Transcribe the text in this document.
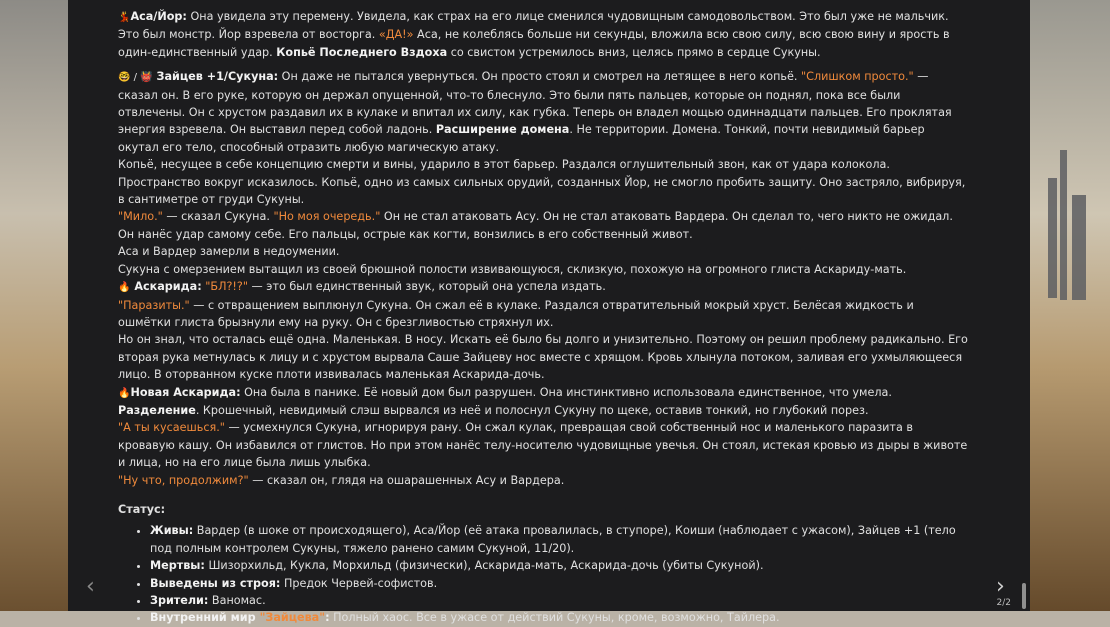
💃Аса/Йор: Она увидела эту перемену. Увидела, как страх на его лице сменился чудовищным самодовольством. Это был уже не мальчик. Это был монстр. Йор взревела от восторга. «ДА!» Аса, не колеблясь больше ни секунды, вложила всю свою силу, всю свою вину и ярость в один-единственный удар. Копьё Последнего Вздоха со свистом устремилось вниз, целясь прямо в сердце Сукуны.

🤓 / 👹 Зайцев +1/Сукуна: Он даже не пытался увернуться. Он просто стоял и смотрел на летящее в него копьё. "Слишком просто." — сказал он. В его руке, которую он держал опущенной, что-то блеснуло. Это были пять пальцев, которые он поднял, пока все были отвлечены. Он с хрустом раздавил их в кулаке и впитал их силу, как губка. Теперь он владел мощью одиннадцати пальцев. Его проклятая энергия взревела. Он выставил перед собой ладонь. Расширение домена. Не территории. Домена. Тонкий, почти невидимый барьер окутал его тело, способный отразить любую магическую атаку.

Копьё, несущее в себе концепцию смерти и вины, ударило в этот барьер. Раздался оглушительный звон, как от удара колокола. Пространство вокруг исказилось. Копьё, одно из самых сильных орудий, созданных Йор, не смогло пробить защиту. Оно застряло, вибрируя, в сантиметре от груди Сукуны.

"Мило." — сказал Сукуна. "Но моя очередь." Он не стал атаковать Асу. Он не стал атаковать Вардера. Он сделал то, чего никто не ожидал. Он нанёс удар самому себе. Его пальцы, острые как когти, вонзились в его собственный живот.

Аса и Вардер замерли в недоумении.

Сукуна с омерзением вытащил из своей брюшной полости извивающуюся, склизкую, похожую на огромного глиста Аскариду-мать.

🔥 Аскарида: "БЛ?!?" — это был единственный звук, который она успела издать.

"Паразиты." — с отвращением выплюнул Сукуна. Он сжал её в кулаке. Раздался отвратительный мокрый хруст. Белёсая жидкость и ошмётки глиста брызнули ему на руку. Он с брезгливостью стряхнул их.

Но он знал, что осталась ещё одна. Маленькая. В носу. Искать её было бы долго и унизительно. Поэтому он решил проблему радикально. Его вторая рука метнулась к лицу и с хрустом вырвала Саше Зайцеву нос вместе с хрящом. Кровь хлынула потоком, заливая его ухмыляющееся лицо. В оторванном куске плоти извивалась маленькая Аскарида-дочь.

🔥Новая Аскарида: Она была в панике. Её новый дом был разрушен. Она инстинктивно использовала единственное, что умела. Разделение. Крошечный, невидимый слэш вырвался из неё и полоснул Сукуну по щеке, оставив тонкий, но глубокий порез.

"А ты кусаешься." — усмехнулся Сукуна, игнорируя рану. Он сжал кулак, превращая свой собственный нос и маленького паразита в кровавую кашу. Он избавился от глистов. Но при этом нанёс телу-носителю чудовищные увечья. Он стоял, истекая кровью из дыры в животе и лица, но на его лице была лишь улыбка.

"Ну что, продолжим?" — сказал он, глядя на ошарашенных Асу и Вардера.

Статус:
• Живы: Вардер (в шоке от происходящего), Аса/Йор (её атака провалилась, в ступоре), Коиши (наблюдает с ужасом), Зайцев +1 (тело под полным контролем Сукуны, тяжело ранено самим Сукуной, 11/20).
• Мертвы: Шизорхильд, Кукла, Морхильд (физически), Аскарида-мать, Аскарида-дочь (убиты Сукуной).
• Выведены из строя: Предок Червей-софистов.
• Зрители: Ваномас.
• Внутренний мир "Зайцева": Полный хаос. Все в ужасе от действий Сукуны, кроме, возможно, Тайлера.
‹	›
2/2
